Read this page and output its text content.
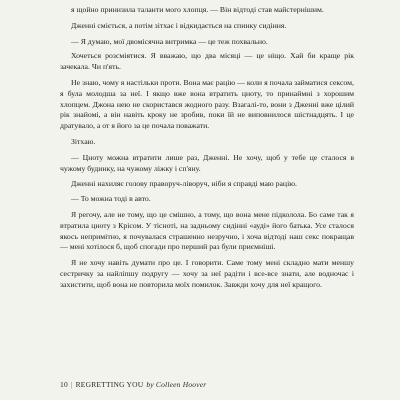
я щойно принизила таланти мого хлопця. — Він відтоді став майстернішим.

Дженні сміється, а потім зітхає і відкидається на спинку сидіння.

— Я думаю, мої двомісячна витримка — це теж похвально.

Хочеться розсміятися. Я вважаю, що два місяці — це ніщо. Хай би краще рік зачекала. Чи п'ять.

Не знаю, чому я настільки проти. Вона має рацію — коли я почала займатися сексом, я була молодша за неї. І якщо вже вона втратить цноту, то принаймні з хорошим хлопцем. Джона нею не скористався жодного разу. Взагалі-то, вони з Дженні вже цілий рік знайомі, а він навіть кроку не зробив, поки їй не виповнилося шістнадцять. І це дратувало, а от я його за це почала поважати.

Зітхаю.

— Цноту можна втратити лише раз, Дженні. Не хочу, щоб у тебе це сталося в чужому будинку, на чужому ліжку і сп'яну.

Дженні нахиляє голову праворуч-ліворуч, ніби я справді маю рацію.

— То можна тоді в авто.

Я регочу, але не тому, що це смішно, а тому, що вона мене підколола. Бо саме так я втратила цноту з Крісом. У тісноті, на задньому сидінні «ауді» його батька. Усе сталося якось непримітно, я почувалася страшенно незручно, і хоча відтоді наш секс покращав — мені хотілося б, щоб спогади про перший раз були приємніші.

Я не хочу навіть думати про це. І говорити. Саме тому мені складно мати меншу сестричку за найліпшу подругу — хочу за неї радіти і все-все знати, але водночас і захистити, щоб вона не повторила моїх помилок. Завжди хочу для неї кращого.

10 | REGRETTING YOU by Colleen Hoover
